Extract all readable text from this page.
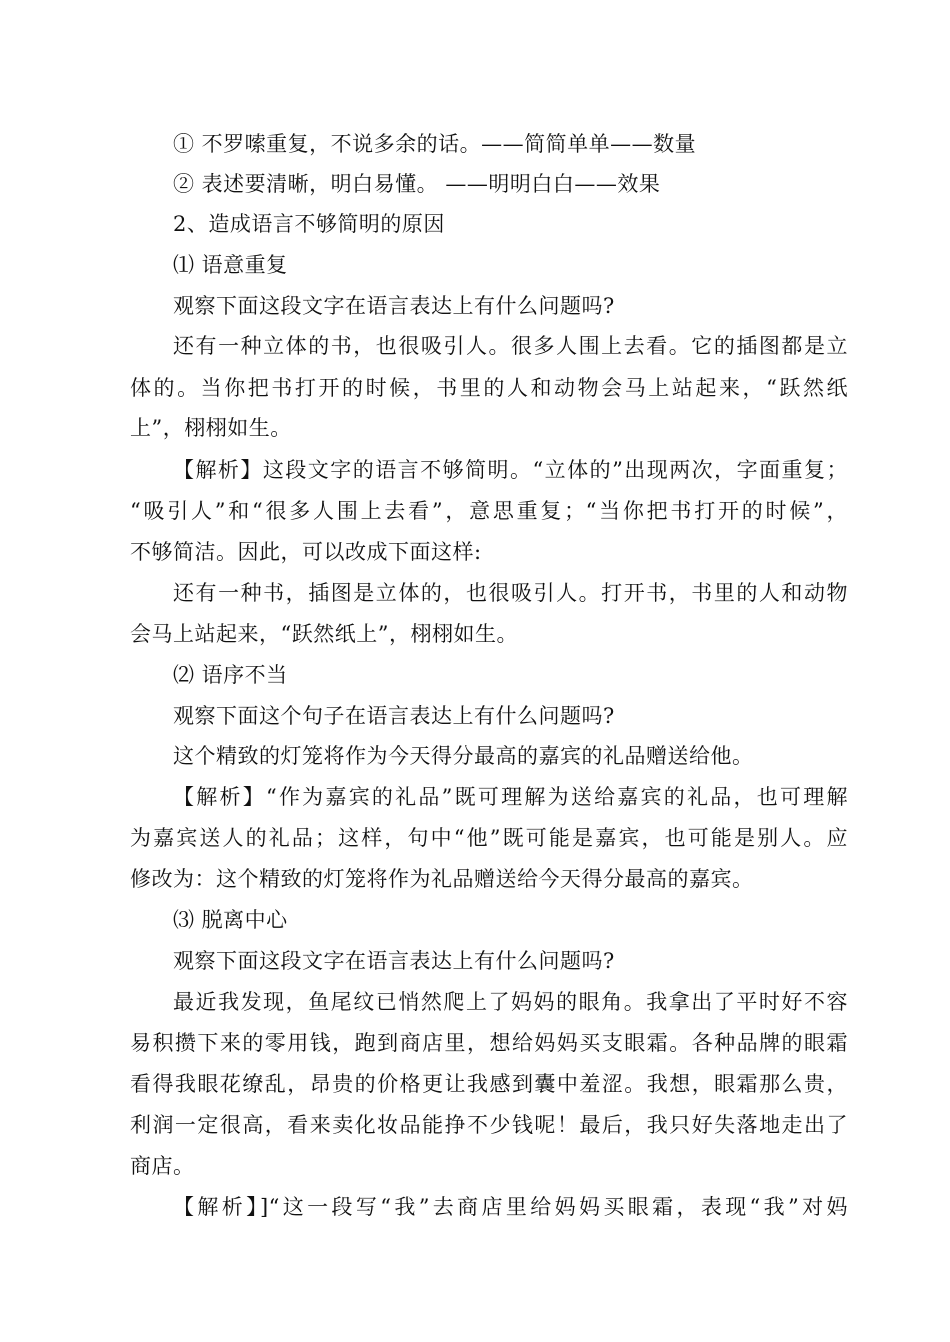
① 不罗嗦重复，不说多余的话。——简简单单——数量
② 表述要清晰，明白易懂。 ——明明白白——效果
2、造成语言不够简明的原因
⑴ 语意重复
观察下面这段文字在语言表达上有什么问题吗?
还有一种立体的书，也很吸引人。很多人围上去看。它的插图都是立
体的。当你把书打开的时候，书里的人和动物会马上站起来，“跃然纸
上”，栩栩如生。
【解析】这段文字的语言不够简明。“立体的”出现两次，字面重复；
“吸引人”和“很多人围上去看”，意思重复；“当你把书打开的时候”，
不够简洁。因此，可以改成下面这样:
还有一种书，插图是立体的，也很吸引人。打开书，书里的人和动物
会马上站起来，“跃然纸上”，栩栩如生。
⑵ 语序不当
观察下面这个句子在语言表达上有什么问题吗?
这个精致的灯笼将作为今天得分最高的嘉宾的礼品赠送给他。
【解析】“作为嘉宾的礼品”既可理解为送给嘉宾的礼品，也可理解
为嘉宾送人的礼品；这样，句中“他”既可能是嘉宾，也可能是别人。应
修改为：这个精致的灯笼将作为礼品赠送给今天得分最高的嘉宾。
⑶ 脱离中心
观察下面这段文字在语言表达上有什么问题吗?
最近我发现，鱼尾纹已悄然爬上了妈妈的眼角。我拿出了平时好不容
易积攒下来的零用钱，跑到商店里，想给妈妈买支眼霜。各种品牌的眼霜
看得我眼花缭乱，昂贵的价格更让我感到囊中羞涩。我想，眼霜那么贵，
利润一定很高，看来卖化妆品能挣不少钱呢！最后，我只好失落地走出了
商店。
【解析】]“这一段写“我”去商店里给妈妈买眼霜，表现“我”对妈
